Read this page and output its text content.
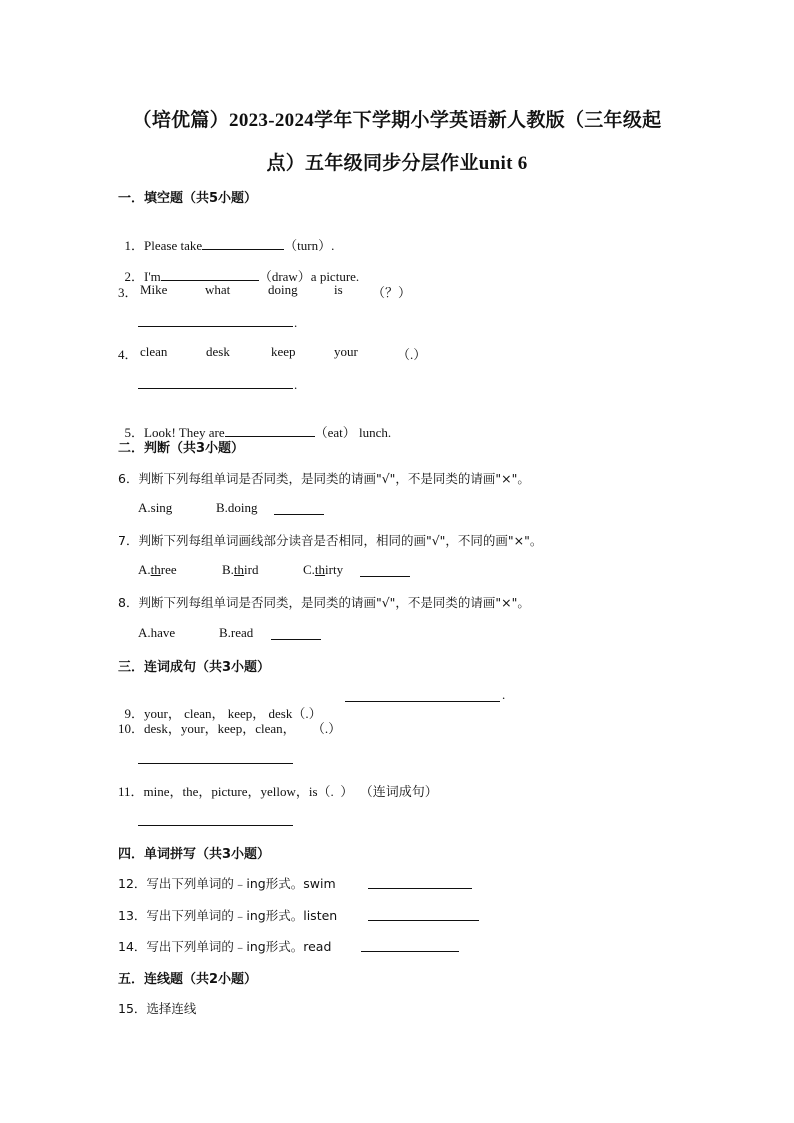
（培优篇）2023-2024学年下学期小学英语新人教版（三年级起
点）五年级同步分层作业unit 6
一．填空题（共5小题）

1．Please take	（turn）.

2．I'm	（draw）a picture.

3． Mike	what	doing	is （？）
.
4． clean	desk	keep	your	（.）
.

5．Look! They are	（eat） lunch.

二．判断（共3小题）
6．判断下列每组单词是否同类，是同类的请画"√"，不是同类的请画"×"。
A.sing	B.doing
7．判断下列每组单词画线部分读音是否相同，相同的画"√"，不同的画"×"。
A.three	B.third	C.thirty
8．判断下列每组单词是否同类，是同类的请画"√"，不是同类的请画"×"。
A.have	B.read
三．连词成句（共3小题）

9．your， clean， keep， desk（.）

.
10．desk，your，keep，clean，     （.）
11．mine，the，picture，yellow，is（.  ）  （连词成句）
四．单词拼写（共3小题）
12．写出下列单词的﹣ing形式。swim
13．写出下列单词的﹣ing形式。listen
14．写出下列单词的﹣ing形式。read
五．连线题（共2小题）
15．选择连线
